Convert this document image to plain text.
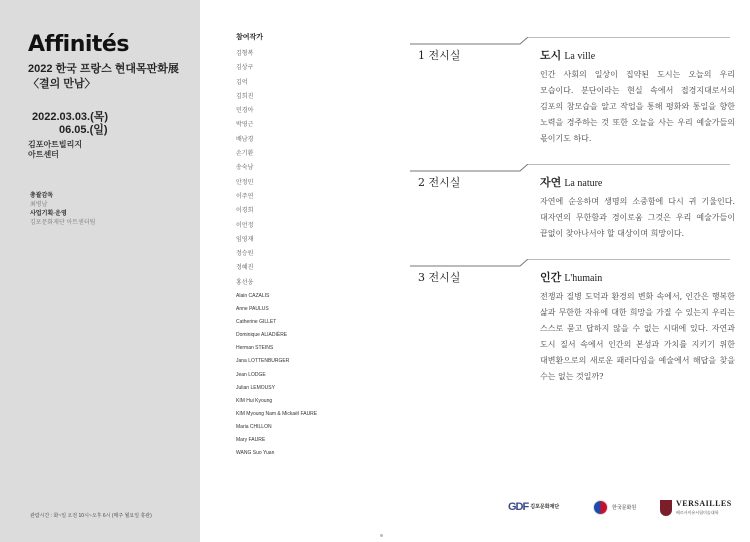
Affinités
2022 한국 프랑스 현대목판화展
〈결의 만남〉
2022.03.03.(목)
06.05.(일)
김포아트빌리지
아트센터
총괄감독
최병남
사업기획·운영
김포문화재단 아트센터팀
관람시간 : 화~일 오전 10시~오후 6시 (매주 월요일 휴관)
참여작가
김형복
김상구
김억
김희진
민경아
박영근
배남경
손기환
송숙남
안정민
이주연
이경희
이언정
임영재
정승원
정혜진
홍선웅
Alain CAZALIS
Anne PAULUS
Catherine GILLET
Dominique ALIADIÈRE
Herman STEINS
Jana LOTTENBURGER
Jean LODGE
Julian LEMOUSY
KIM Hui Kyoung
KIM Myoung Nam & Mickaël FAURE
Maria CHILLON
Mary FAURE
WANG Suo Yuan
1 전시실	도시 La ville
인간 사회의 일상이 집약된 도시는 오늘의 우리 모습이다. 분단이라는 현실 속에서 접경지대로서의 김포의 참모습을 알고 작업을 통해 평화와 통일을 향한 노력을 경주하는 것 또한 오늘을 사는 우리 예술가들의 몫이기도 하다.
2 전시실	자연 La nature
자연에 순응하며 생명의 소중함에 다시 귀 기울인다. 대자연의 무한함과 경이로움 그것은 우리 예술가들이 끝없이 찾아나서야 할 대상이며 희망이다.
3 전시실	인간 L'humain
전쟁과 질병 도덕과 환경의 변화 속에서, 인간은 행복한 삶과 무한한 자유에 대한 희망을 가질 수 있는지 우리는 스스로 묻고 답하지 않을 수 없는 시대에 있다. 자연과 도시 질서 속에서 인간의 본성과 가치를 지키기 위한 대변환으로의 새로운 패러다임을 예술에서 해답을 찾을 수는 없는 것일까?
GDF 김포문화재단	한국문화원	VERSAILLES
베르사이유시립미술대학
